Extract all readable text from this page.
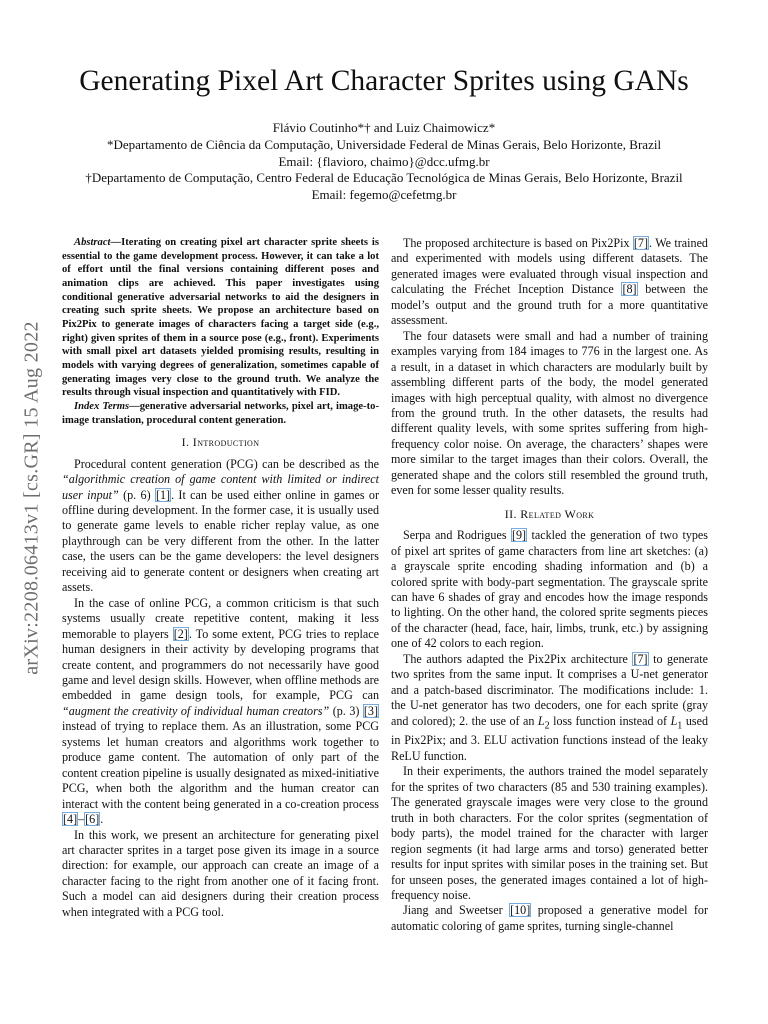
arXiv:2208.06413v1 [cs.GR] 15 Aug 2022
Generating Pixel Art Character Sprites using GANs
Flávio Coutinho*† and Luiz Chaimowicz*
*Departamento de Ciência da Computação, Universidade Federal de Minas Gerais, Belo Horizonte, Brazil
Email: {flavioro, chaimo}@dcc.ufmg.br
†Departamento de Computação, Centro Federal de Educação Tecnológica de Minas Gerais, Belo Horizonte, Brazil
Email: fegemo@cefetmg.br

Abstract—Iterating on creating pixel art character sprite sheets is essential to the game development process. However, it can take a lot of effort until the final versions containing different poses and animation clips are achieved. This paper investigates using conditional generative adversarial networks to aid the designers in creating such sprite sheets. We propose an architecture based on Pix2Pix to generate images of characters facing a target side (e.g., right) given sprites of them in a source pose (e.g., front). Experiments with small pixel art datasets yielded promising results, resulting in models with varying degrees of generalization, sometimes capable of generating images very close to the ground truth. We analyze the results through visual inspection and quantitatively with FID.

Index Terms—generative adversarial networks, pixel art, image-to-image translation, procedural content generation.

I. Introduction

Procedural content generation (PCG) can be described as the “algorithmic creation of game content with limited or indirect user input” (p. 6) [1]. It can be used either online in games or offline during development. In the former case, it is usually used to generate game levels to enable richer replay value, as one playthrough can be very different from the other. In the latter case, the users can be the game developers: the level designers receiving aid to generate content or designers when creating art assets.

In the case of online PCG, a common criticism is that such systems usually create repetitive content, making it less memorable to players [2]. To some extent, PCG tries to replace human designers in their activity by developing programs that create content, and programmers do not necessarily have good game and level design skills. However, when offline methods are embedded in game design tools, for example, PCG can “augment the creativity of individual human creators” (p. 3) [3] instead of trying to replace them. As an illustration, some PCG systems let human creators and algorithms work together to produce game content. The automation of only part of the content creation pipeline is usually designated as mixed-initiative PCG, when both the algorithm and the human creator can interact with the content being generated in a co-creation process [4]–[6].

In this work, we present an architecture for generating pixel art character sprites in a target pose given its image in a source direction: for example, our approach can create an image of a character facing to the right from another one of it facing front. Such a model can aid designers during their creation process when integrated with a PCG tool.

The proposed architecture is based on Pix2Pix [7]. We trained and experimented with models using different datasets. The generated images were evaluated through visual inspection and calculating the Fréchet Inception Distance [8] between the model’s output and the ground truth for a more quantitative assessment.

The four datasets were small and had a number of training examples varying from 184 images to 776 in the largest one. As a result, in a dataset in which characters are modularly built by assembling different parts of the body, the model generated images with high perceptual quality, with almost no divergence from the ground truth. In the other datasets, the results had different quality levels, with some sprites suffering from high-frequency color noise. On average, the characters’ shapes were more similar to the target images than their colors. Overall, the generated shape and the colors still resembled the ground truth, even for some lesser quality results.

II. Related Work

Serpa and Rodrigues [9] tackled the generation of two types of pixel art sprites of game characters from line art sketches: (a) a grayscale sprite encoding shading information and (b) a colored sprite with body-part segmentation. The grayscale sprite can have 6 shades of gray and encodes how the image responds to lighting. On the other hand, the colored sprite segments pieces of the character (head, face, hair, limbs, trunk, etc.) by assigning one of 42 colors to each region.

The authors adapted the Pix2Pix architecture [7] to generate two sprites from the same input. It comprises a U-net generator and a patch-based discriminator. The modifications include: 1. the U-net generator has two decoders, one for each sprite (gray and colored); 2. the use of an $L_2$ loss function instead of $L_1$ used in Pix2Pix; and 3. ELU activation functions instead of the leaky ReLU function.

In their experiments, the authors trained the model separately for the sprites of two characters (85 and 530 training examples). The generated grayscale images were very close to the ground truth in both characters. For the color sprites (segmentation of body parts), the model trained for the character with larger region segments (it had large arms and torso) generated better results for input sprites with similar poses in the training set. But for unseen poses, the generated images contained a lot of high-frequency noise.

Jiang and Sweetser [10] proposed a generative model for automatic coloring of game sprites, turning single-channel
